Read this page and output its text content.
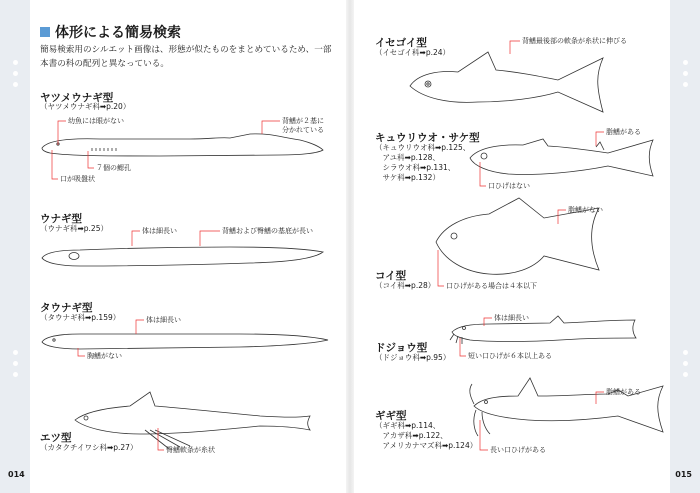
体形による簡易検索
簡易検索用のシルエット画像は、形態が似たものをまとめているため、一部本書の科の配列と異なっている。
ヤツメウナギ型
（ヤツメウナギ科➡p.20）
幼魚には眼がない	背鰭が２基に
分かれている
７個の鰓孔
口が吸盤状
ウナギ型
（ウナギ科➡p.25）	体は細長い	背鰭および臀鰭の基底が長い
タウナギ型
（タウナギ科➡p.159）	体は細長い
胸鰭がない
エツ型
（カタクチイワシ科➡p.27）	臀鰭軟条が糸状
イセゴイ型
（イセゴイ科➡p.24）
背鰭最後部の軟条が糸状に伸びる
キュウリウオ・サケ型
（キュウリウオ科➡p.125、
　アユ科➡p.128、
　シラウオ科➡p.131、
　サケ科➡p.132）
脂鰭がある
口ひげはない
コイ型
（コイ科➡p.28）
脂鰭がない
口ひげがある場合は４本以下
ドジョウ型
（ドジョウ科➡p.95）
体は細長い
短い口ひげが６本以上ある
ギギ型
（ギギ科➡p.114、
　アカザ科➡p.122、
　アメリカナマズ科➡p.124）
脂鰭がある
長い口ひげがある
014	015
